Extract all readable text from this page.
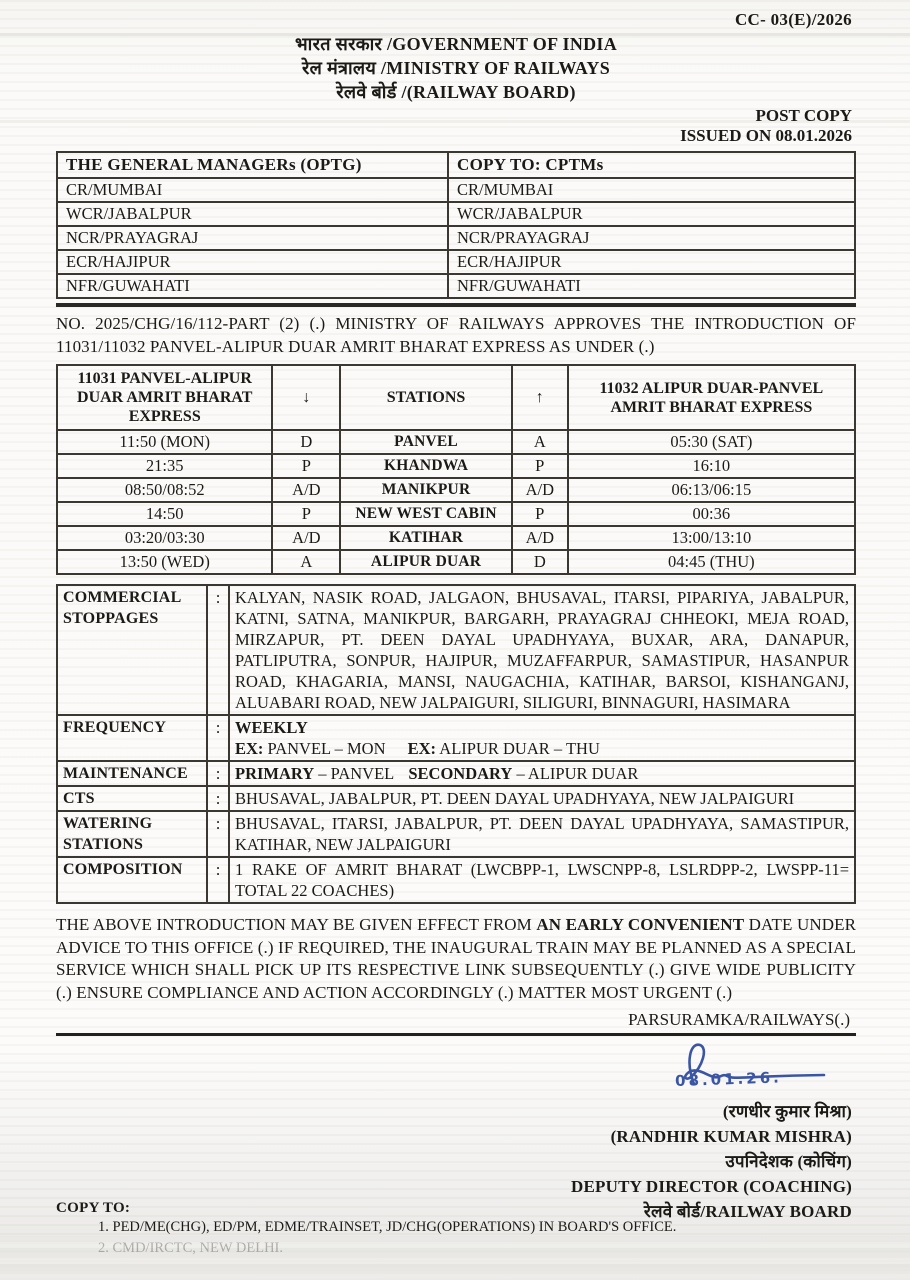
CC- 03(E)/2026
भारत सरकार /GOVERNMENT OF INDIA
रेल मंत्रालय /MINISTRY OF RAILWAYS
रेलवे बोर्ड /(RAILWAY BOARD)
POST COPY
ISSUED ON 08.01.2026
THE GENERAL MANAGERs (OPTG)	COPY TO: CPTMs
CR/MUMBAI	CR/MUMBAI
WCR/JABALPUR	WCR/JABALPUR
NCR/PRAYAGRAJ	NCR/PRAYAGRAJ
ECR/HAJIPUR	ECR/HAJIPUR
NFR/GUWAHATI	NFR/GUWAHATI

NO. 2025/CHG/16/112-PART (2) (.) MINISTRY OF RAILWAYS APPROVES THE INTRODUCTION OF 11031/11032 PANVEL-ALIPUR DUAR AMRIT BHARAT EXPRESS AS UNDER (.)

11031 PANVEL-ALIPUR DUAR AMRIT BHARAT EXPRESS	↓	STATIONS	↑	11032 ALIPUR DUAR-PANVEL AMRIT BHARAT EXPRESS
11:50 (MON)	D	PANVEL	A	05:30 (SAT)
21:35	P	KHANDWA	P	16:10
08:50/08:52	A/D	MANIKPUR	A/D	06:13/06:15
14:50	P	NEW WEST CABIN	P	00:36
03:20/03:30	A/D	KATIHAR	A/D	13:00/13:10
13:50 (WED)	A	ALIPUR DUAR	D	04:45 (THU)
COMMERCIAL STOPPAGES	:	KALYAN, NASIK ROAD, JALGAON, BHUSAVAL, ITARSI, PIPARIYA, JABALPUR, KATNI, SATNA, MANIKPUR, BARGARH, PRAYAGRAJ CHHEOKI, MEJA ROAD, MIRZAPUR, PT. DEEN DAYAL UPADHYAYA, BUXAR, ARA, DANAPUR, PATLIPUTRA, SONPUR, HAJIPUR, MUZAFFARPUR, SAMASTIPUR, HASANPUR ROAD, KHAGARIA, MANSI, NAUGACHIA, KATIHAR, BARSOI, KISHANGANJ, ALUABARI ROAD, NEW JALPAIGURI, SILIGURI, BINNAGURI, HASIMARA
FREQUENCY	:	WEEKLY
EX: PANVEL – MON EX: ALIPUR DUAR – THU

MAINTENANCE	:	PRIMARY – PANVEL SECONDARY – ALIPUR DUAR
CTS	:	BHUSAVAL, JABALPUR, PT. DEEN DAYAL UPADHYAYA, NEW JALPAIGURI
WATERING STATIONS	:	BHUSAVAL, ITARSI, JABALPUR, PT. DEEN DAYAL UPADHYAYA, SAMASTIPUR, KATIHAR, NEW JALPAIGURI
COMPOSITION	:	1 RAKE OF AMRIT BHARAT (LWCBPP-1, LWSCNPP-8, LSLRDPP-2, LWSPP-11= TOTAL 22 COACHES)

THE ABOVE INTRODUCTION MAY BE GIVEN EFFECT FROM AN EARLY CONVENIENT DATE UNDER ADVICE TO THIS OFFICE (.) IF REQUIRED, THE INAUGURAL TRAIN MAY BE PLANNED AS A SPECIAL SERVICE WHICH SHALL PICK UP ITS RESPECTIVE LINK SUBSEQUENTLY (.) GIVE WIDE PUBLICITY (.) ENSURE COMPLIANCE AND ACTION ACCORDINGLY (.) MATTER MOST URGENT (.)

PARSURAMKA/RAILWAYS(.)
08.01.26.
(रणधीर कुमार मिश्रा)
(RANDHIR KUMAR MISHRA)
उपनिदेशक (कोचिंग)
DEPUTY DIRECTOR (COACHING)
रेलवे बोर्ड/RAILWAY BOARD
COPY TO:
1. PED/ME(CHG), ED/PM, EDME/TRAINSET, JD/CHG(OPERATIONS) IN BOARD'S OFFICE.
